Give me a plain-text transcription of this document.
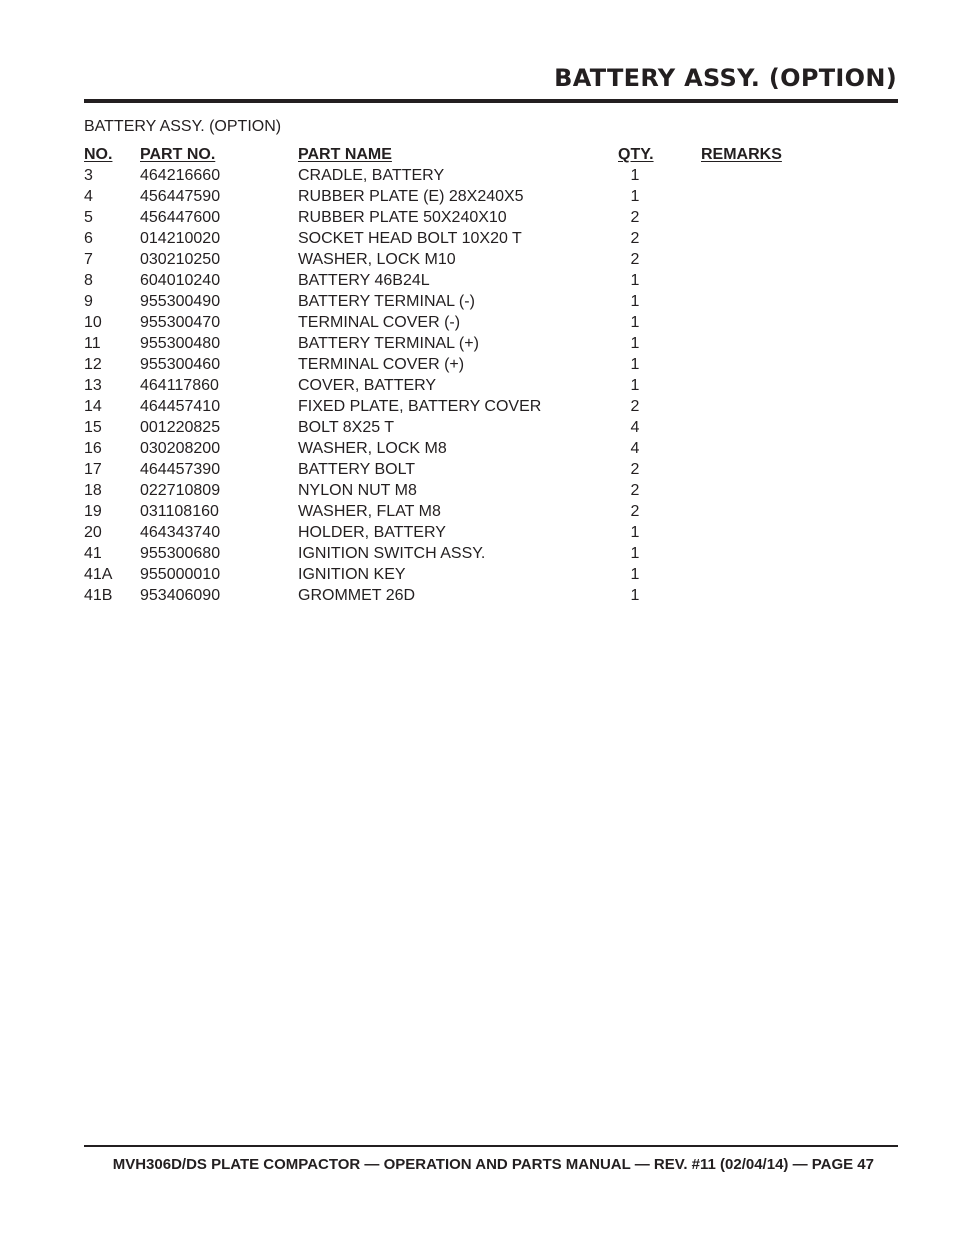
BATTERY ASSY. (OPTION)
BATTERY ASSY. (OPTION)
NO. PART NO.	PART NAME	QTY.	REMARKS
3	464216660	CRADLE, BATTERY	1
4	456447590	RUBBER PLATE (E) 28X240X5	1
5	456447600	RUBBER PLATE 50X240X10	2
6	014210020	SOCKET HEAD BOLT 10X20 T	2
7	030210250	WASHER, LOCK M10	2
8	604010240	BATTERY 46B24L	1
9	955300490	BATTERY TERMINAL (-)	1
10 955300470	TERMINAL COVER (-)	1
11 955300480	BATTERY TERMINAL (+)	1
12 955300460	TERMINAL COVER (+)	1
13 464117860	COVER, BATTERY	1
14 464457410	FIXED PLATE, BATTERY COVER	2
15 001220825	BOLT 8X25 T	4
16 030208200	WASHER, LOCK M8	4
17 464457390	BATTERY BOLT	2
18 022710809	NYLON NUT M8	2
19 031108160	WASHER, FLAT M8	2
20 464343740	HOLDER, BATTERY	1
41 955300680	IGNITION SWITCH ASSY.	1
41A 955000010	IGNITION KEY	1
41B 953406090	GROMMET 26D	1
MVH306D/DS PLATE COMPACTOR — OPERATION AND PARTS MANUAL — REV. #11 (02/04/14) — PAGE 47
